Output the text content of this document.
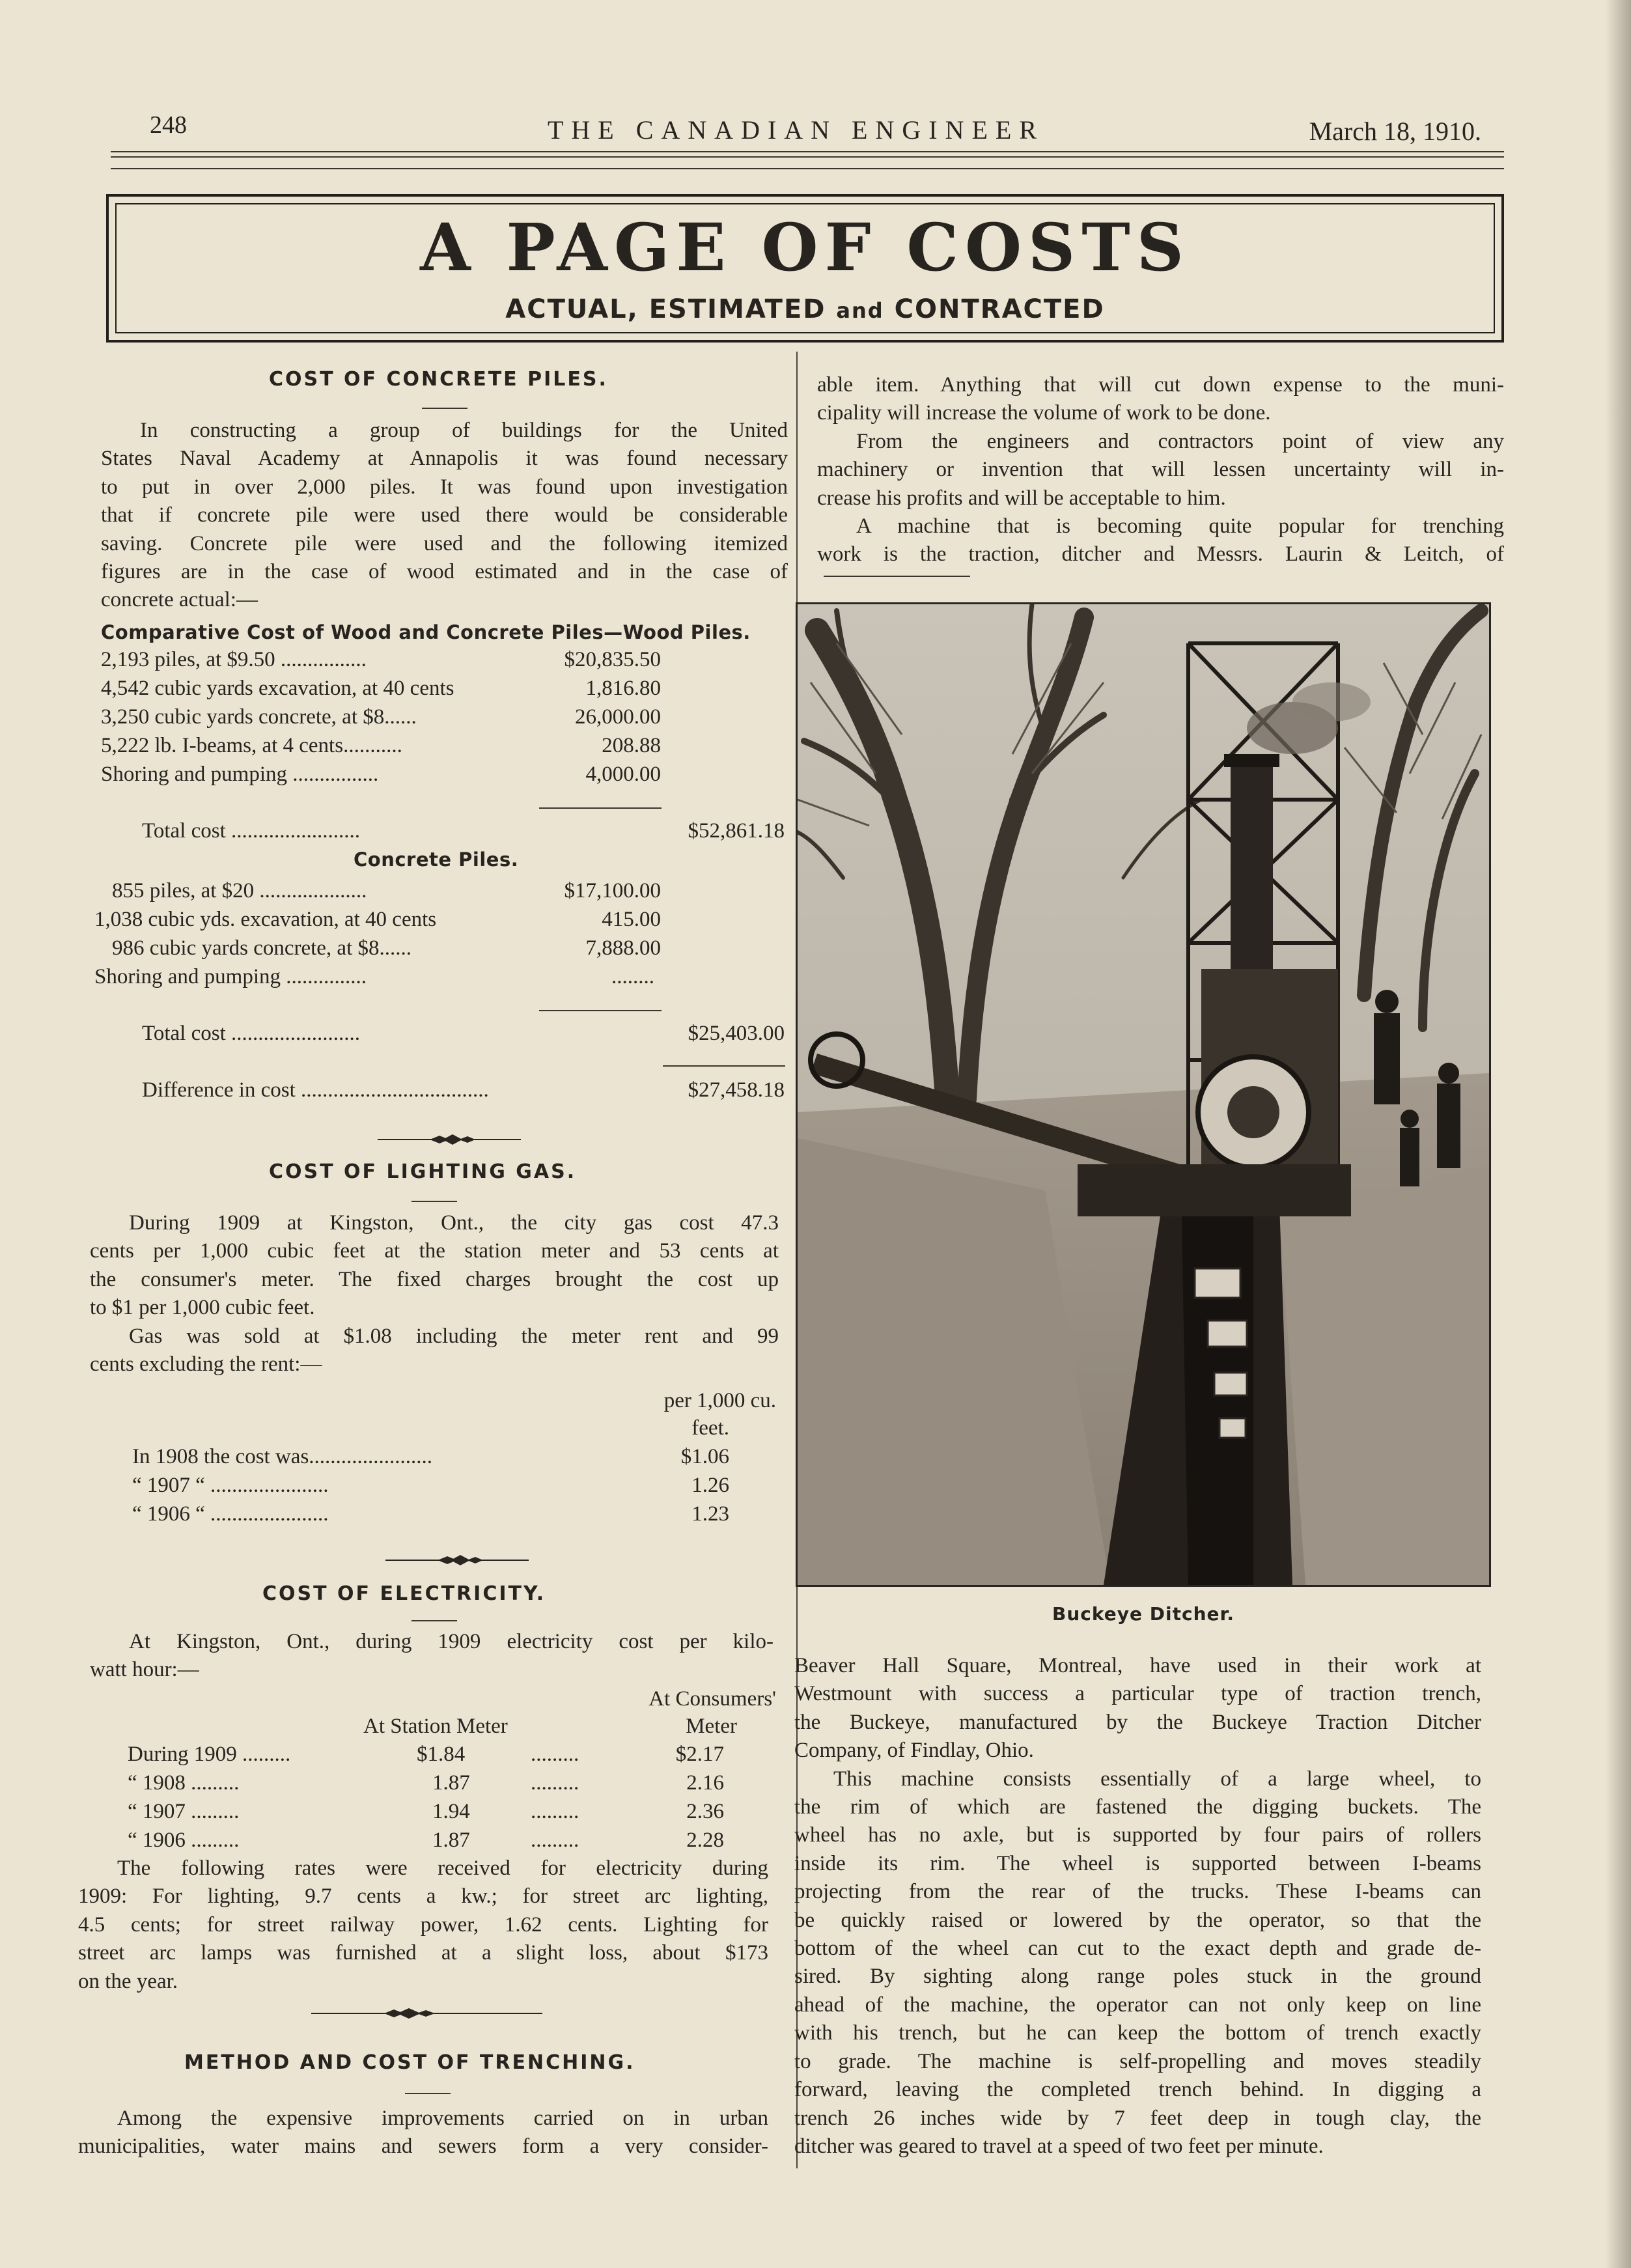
248	THE CANADIAN ENGINEER	March 18, 1910.
A PAGE OF COSTS
ACTUAL, ESTIMATED and CONTRACTED
COST OF CONCRETE PILES.
In constructing a group of buildings for the United
States Naval Academy at Annapolis it was found necessary
to put in over 2,000 piles. It was found upon investigation
that if concrete pile were used there would be considerable
saving. Concrete pile were used and the following itemized
figures are in the case of wood estimated and in the case of
concrete actual:—
Comparative Cost of Wood and Concrete Piles—Wood Piles.
2,193 piles, at $9.50 ................	$20,835.50
4,542 cubic yards excavation, at 40 cents	1,816.80
3,250 cubic yards concrete, at $8......	26,000.00
5,222 lb. I-beams, at 4 cents...........	208.88
Shoring and pumping ................	4,000.00
Total cost ........................	$52,861.18
Concrete Piles.
855 piles, at $20 ....................	$17,100.00
1,038 cubic yds. excavation, at 40 cents	415.00
986 cubic yards concrete, at $8......	7,888.00
Shoring and pumping ...............	........
Total cost ........................	$25,403.00
Difference in cost ...................................	$27,458.18
COST OF LIGHTING GAS.
During 1909 at Kingston, Ont., the city gas cost 47.3
cents per 1,000 cubic feet at the station meter and 53 cents at
the consumer's meter. The fixed charges brought the cost up
to $1 per 1,000 cubic feet.
Gas was sold at $1.08 including the meter rent and 99
cents excluding the rent:—
per 1,000 cu.
feet.
In 1908 the cost was.......................	$1.06
“ 1907 “ ......................	1.26
“ 1906 “ ......................	1.23
COST OF ELECTRICITY.
At Kingston, Ont., during 1909 electricity cost per kilo-
watt hour:—
At Consumers'
At Station Meter	Meter
During 1909 .........	$1.84	.........	$2.17
“ 1908 .........	1.87	.........	2.16
“ 1907 .........	1.94	.........	2.36
“ 1906 .........	1.87	.........	2.28
The following rates were received for electricity during
1909: For lighting, 9.7 cents a kw.; for street arc lighting,
4.5 cents; for street railway power, 1.62 cents. Lighting for
street arc lamps was furnished at a slight loss, about $173
on the year.
METHOD AND COST OF TRENCHING.
Among the expensive improvements carried on in urban
municipalities, water mains and sewers form a very consider-
able item. Anything that will cut down expense to the muni-
cipality will increase the volume of work to be done.
From the engineers and contractors point of view any
machinery or invention that will lessen uncertainty will in-
crease his profits and will be acceptable to him.
A machine that is becoming quite popular for trenching
work is the traction, ditcher and Messrs. Laurin & Leitch, of
Buckeye Ditcher.
Beaver Hall Square, Montreal, have used in their work at
Westmount with success a particular type of traction trench,
the Buckeye, manufactured by the Buckeye Traction Ditcher
Company, of Findlay, Ohio.
This machine consists essentially of a large wheel, to
the rim of which are fastened the digging buckets. The
wheel has no axle, but is supported by four pairs of rollers
inside its rim. The wheel is supported between I-beams
projecting from the rear of the trucks. These I-beams can
be quickly raised or lowered by the operator, so that the
bottom of the wheel can cut to the exact depth and grade de-
sired. By sighting along range poles stuck in the ground
ahead of the machine, the operator can not only keep on line
with his trench, but he can keep the bottom of trench exactly
to grade. The machine is self-propelling and moves steadily
forward, leaving the completed trench behind. In digging a
trench 26 inches wide by 7 feet deep in tough clay, the
ditcher was geared to travel at a speed of two feet per minute.
